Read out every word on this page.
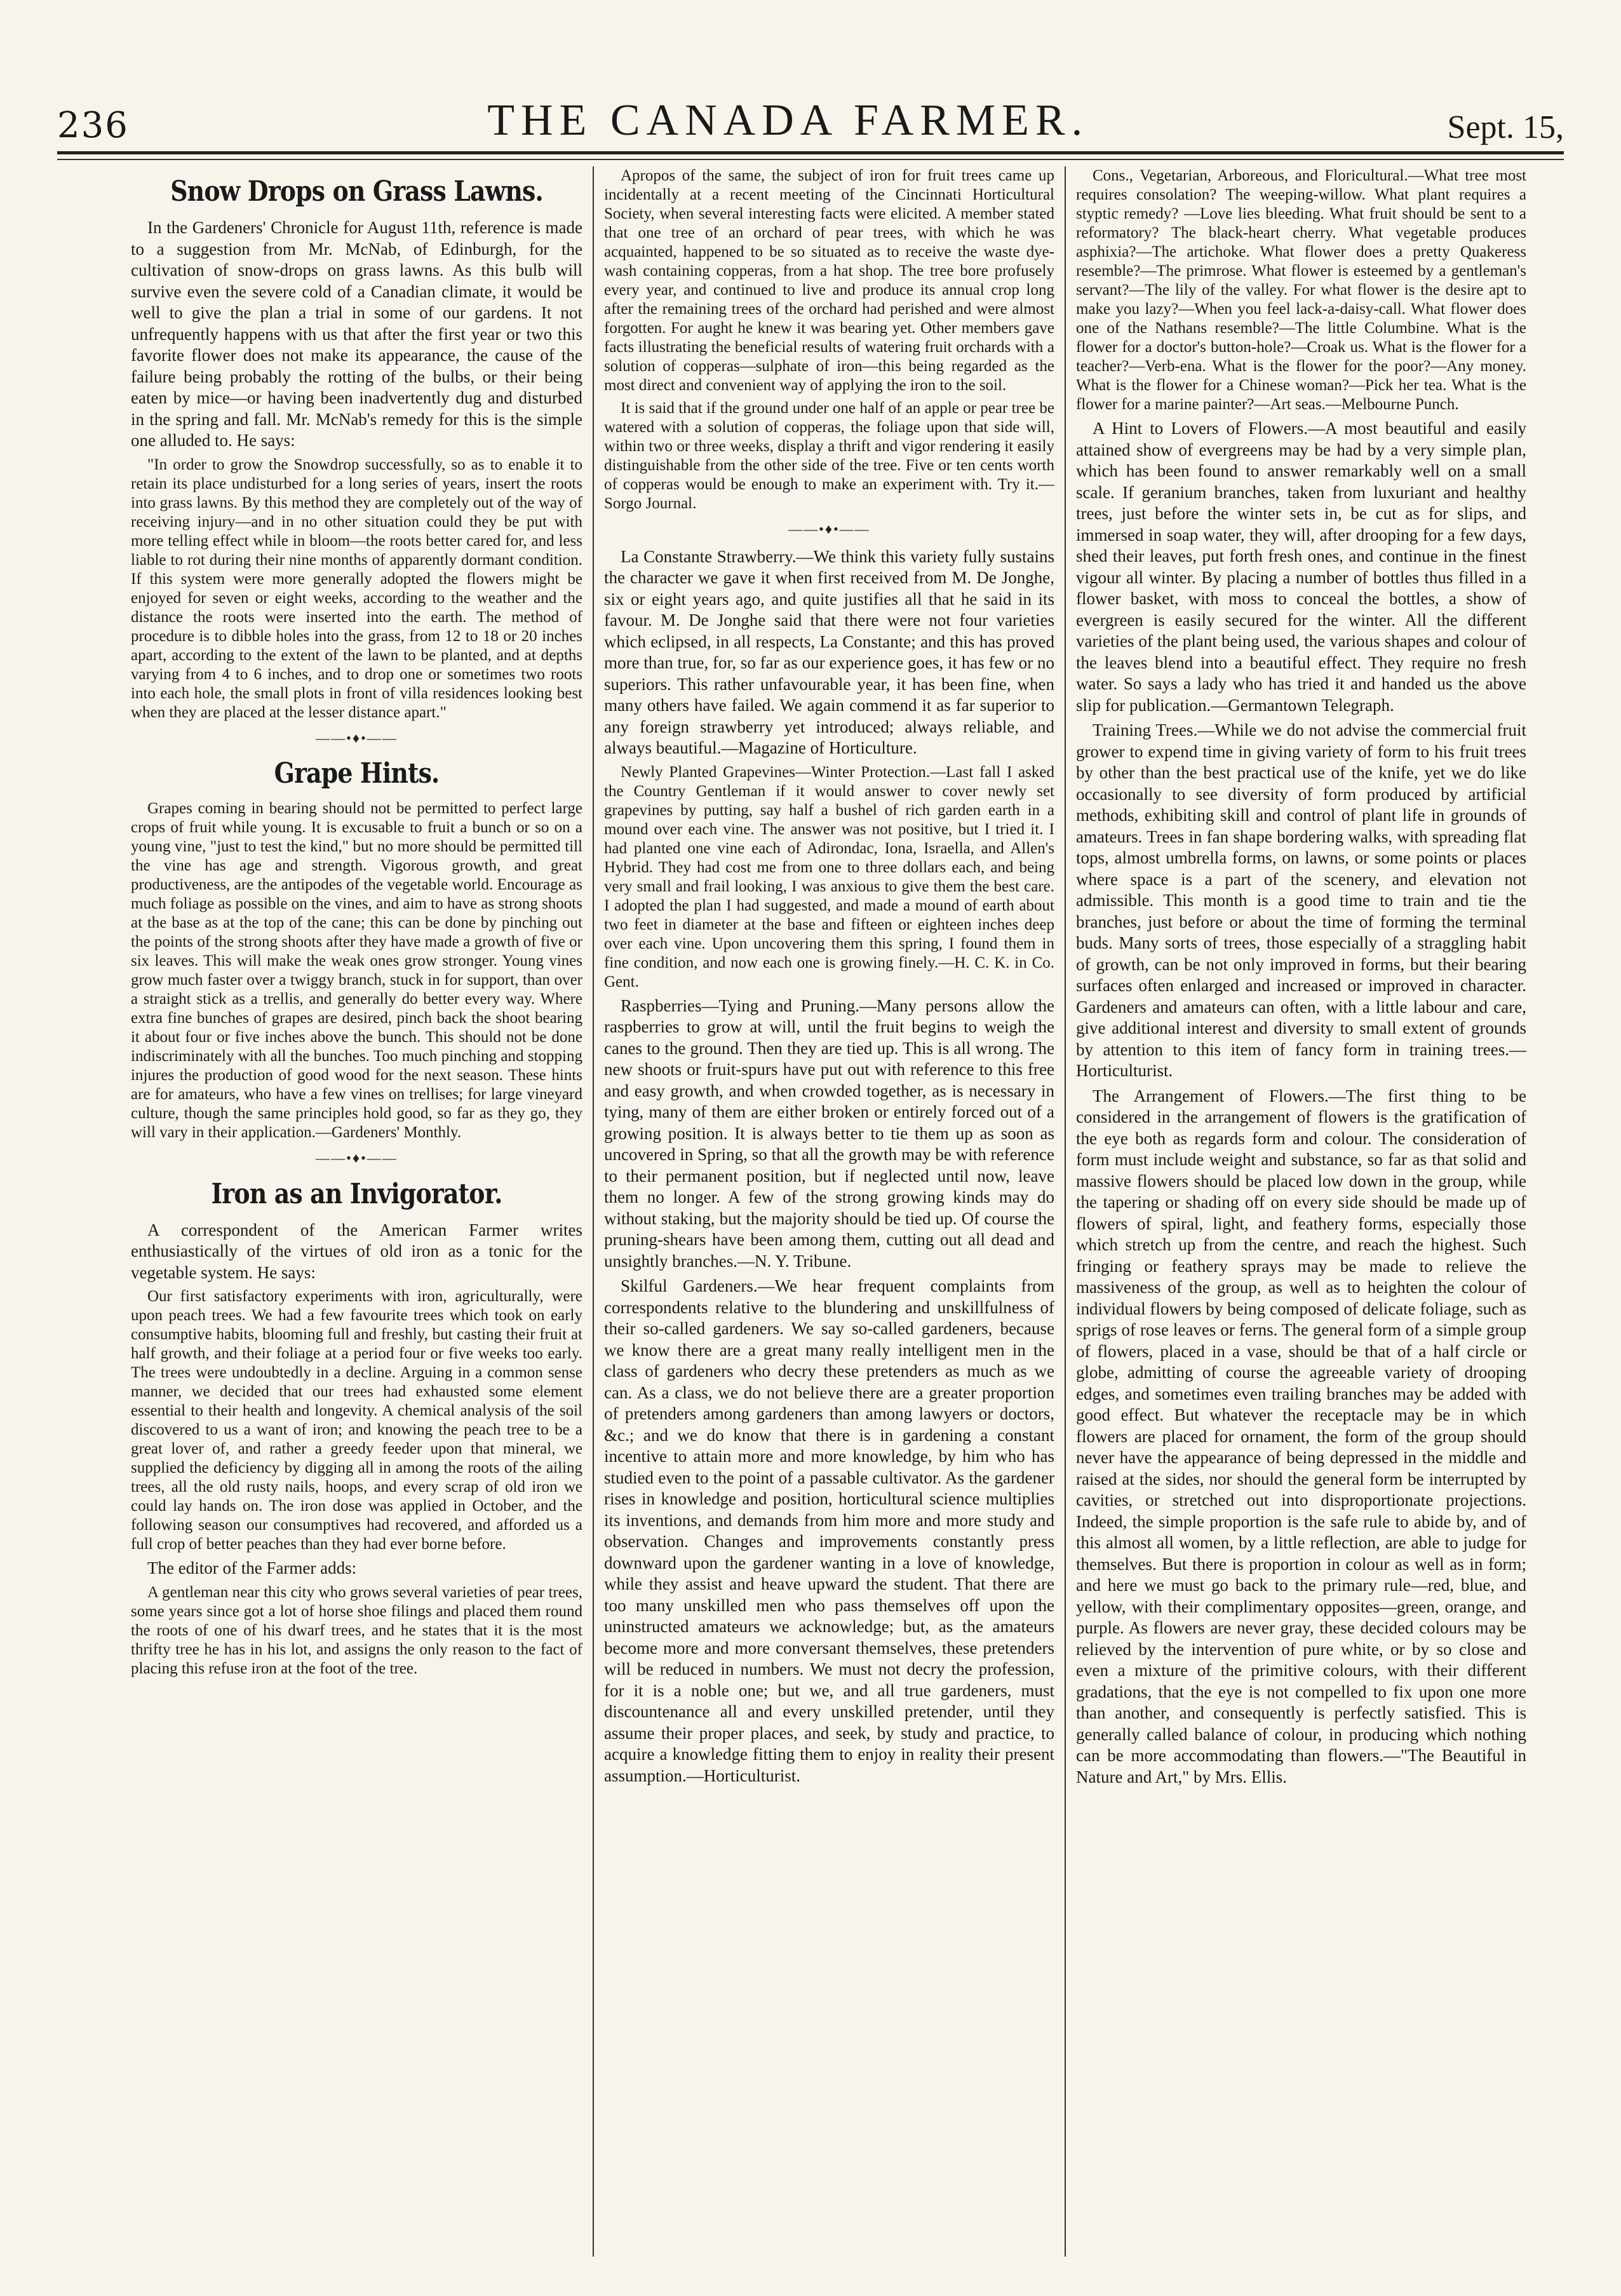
236	THE CANADA FARMER.	Sept. 15,
Snow Drops on Grass Lawns.

In the Gardeners' Chronicle for August 11th, reference is made to a suggestion from Mr. McNab, of Edinburgh, for the cultivation of snow-drops on grass lawns. As this bulb will survive even the severe cold of a Canadian climate, it would be well to give the plan a trial in some of our gardens. It not unfrequently happens with us that after the first year or two this favorite flower does not make its appearance, the cause of the failure being probably the rotting of the bulbs, or their being eaten by mice—or having been inadvertently dug and disturbed in the spring and fall. Mr. McNab's remedy for this is the simple one alluded to. He says:

"In order to grow the Snowdrop successfully, so as to enable it to retain its place undisturbed for a long series of years, insert the roots into grass lawns. By this method they are completely out of the way of receiving injury—and in no other situation could they be put with more telling effect while in bloom—the roots better cared for, and less liable to rot during their nine months of apparently dormant condition. If this system were more generally adopted the flowers might be enjoyed for seven or eight weeks, according to the weather and the distance the roots were inserted into the earth. The method of procedure is to dibble holes into the grass, from 12 to 18 or 20 inches apart, according to the extent of the lawn to be planted, and at depths varying from 4 to 6 inches, and to drop one or sometimes two roots into each hole, the small plots in front of villa residences looking best when they are placed at the lesser distance apart."

——•♦•——
Grape Hints.

Grapes coming in bearing should not be permitted to perfect large crops of fruit while young. It is excusable to fruit a bunch or so on a young vine, "just to test the kind," but no more should be permitted till the vine has age and strength. Vigorous growth, and great productiveness, are the antipodes of the vegetable world. Encourage as much foliage as possible on the vines, and aim to have as strong shoots at the base as at the top of the cane; this can be done by pinching out the points of the strong shoots after they have made a growth of five or six leaves. This will make the weak ones grow stronger. Young vines grow much faster over a twiggy branch, stuck in for support, than over a straight stick as a trellis, and generally do better every way. Where extra fine bunches of grapes are desired, pinch back the shoot bearing it about four or five inches above the bunch. This should not be done indiscriminately with all the bunches. Too much pinching and stopping injures the production of good wood for the next season. These hints are for amateurs, who have a few vines on trellises; for large vineyard culture, though the same principles hold good, so far as they go, they will vary in their application.—Gardeners' Monthly.

——•♦•——
Iron as an Invigorator.

A correspondent of the American Farmer writes enthusiastically of the virtues of old iron as a tonic for the vegetable system. He says:

Our first satisfactory experiments with iron, agriculturally, were upon peach trees. We had a few favourite trees which took on early consumptive habits, blooming full and freshly, but casting their fruit at half growth, and their foliage at a period four or five weeks too early. The trees were undoubtedly in a decline. Arguing in a common sense manner, we decided that our trees had exhausted some element essential to their health and longevity. A chemical analysis of the soil discovered to us a want of iron; and knowing the peach tree to be a great lover of, and rather a greedy feeder upon that mineral, we supplied the deficiency by digging all in among the roots of the ailing trees, all the old rusty nails, hoops, and every scrap of old iron we could lay hands on. The iron dose was applied in October, and the following season our consumptives had recovered, and afforded us a full crop of better peaches than they had ever borne before.

The editor of the Farmer adds:

A gentleman near this city who grows several varieties of pear trees, some years since got a lot of horse shoe filings and placed them round the roots of one of his dwarf trees, and he states that it is the most thrifty tree he has in his lot, and assigns the only reason to the fact of placing this refuse iron at the foot of the tree.

Apropos of the same, the subject of iron for fruit trees came up incidentally at a recent meeting of the Cincinnati Horticultural Society, when several interesting facts were elicited. A member stated that one tree of an orchard of pear trees, with which he was acquainted, happened to be so situated as to receive the waste dye-wash containing copperas, from a hat shop. The tree bore profusely every year, and continued to live and produce its annual crop long after the remaining trees of the orchard had perished and were almost forgotten. For aught he knew it was bearing yet. Other members gave facts illustrating the beneficial results of watering fruit orchards with a solution of copperas—sulphate of iron—this being regarded as the most direct and convenient way of applying the iron to the soil.

It is said that if the ground under one half of an apple or pear tree be watered with a solution of copperas, the foliage upon that side will, within two or three weeks, display a thrift and vigor rendering it easily distinguishable from the other side of the tree. Five or ten cents worth of copperas would be enough to make an experiment with. Try it.—Sorgo Journal.

——•♦•——

La Constante Strawberry.—We think this variety fully sustains the character we gave it when first received from M. De Jonghe, six or eight years ago, and quite justifies all that he said in its favour. M. De Jonghe said that there were not four varieties which eclipsed, in all respects, La Constante; and this has proved more than true, for, so far as our experience goes, it has few or no superiors. This rather unfavourable year, it has been fine, when many others have failed. We again commend it as far superior to any foreign strawberry yet introduced; always reliable, and always beautiful.—Magazine of Horticulture.

Newly Planted Grapevines—Winter Protection.—Last fall I asked the Country Gentleman if it would answer to cover newly set grapevines by putting, say half a bushel of rich garden earth in a mound over each vine. The answer was not positive, but I tried it. I had planted one vine each of Adirondac, Iona, Israella, and Allen's Hybrid. They had cost me from one to three dollars each, and being very small and frail looking, I was anxious to give them the best care. I adopted the plan I had suggested, and made a mound of earth about two feet in diameter at the base and fifteen or eighteen inches deep over each vine. Upon uncovering them this spring, I found them in fine condition, and now each one is growing finely.—H. C. K. in Co. Gent.

Raspberries—Tying and Pruning.—Many persons allow the raspberries to grow at will, until the fruit begins to weigh the canes to the ground. Then they are tied up. This is all wrong. The new shoots or fruit-spurs have put out with reference to this free and easy growth, and when crowded together, as is necessary in tying, many of them are either broken or entirely forced out of a growing position. It is always better to tie them up as soon as uncovered in Spring, so that all the growth may be with reference to their permanent position, but if neglected until now, leave them no longer. A few of the strong growing kinds may do without staking, but the majority should be tied up. Of course the pruning-shears have been among them, cutting out all dead and unsightly branches.—N. Y. Tribune.

Skilful Gardeners.—We hear frequent complaints from correspondents relative to the blundering and unskillfulness of their so-called gardeners. We say so-called gardeners, because we know there are a great many really intelligent men in the class of gardeners who decry these pretenders as much as we can. As a class, we do not believe there are a greater proportion of pretenders among gardeners than among lawyers or doctors, &c.; and we do know that there is in gardening a constant incentive to attain more and more knowledge, by him who has studied even to the point of a passable cultivator. As the gardener rises in knowledge and position, horticultural science multiplies its inventions, and demands from him more and more study and observation. Changes and improvements constantly press downward upon the gardener wanting in a love of knowledge, while they assist and heave upward the student. That there are too many unskilled men who pass themselves off upon the uninstructed amateurs we acknowledge; but, as the amateurs become more and more conversant themselves, these pretenders will be reduced in numbers. We must not decry the profession, for it is a noble one; but we, and all true gardeners, must discountenance all and every unskilled pretender, until they assume their proper places, and seek, by study and practice, to acquire a knowledge fitting them to enjoy in reality their present assumption.—Horticulturist.

Cons., Vegetarian, Arboreous, and Floricultural.—What tree most requires consolation? The weeping-willow. What plant requires a styptic remedy? —Love lies bleeding. What fruit should be sent to a reformatory? The black-heart cherry. What vegetable produces asphixia?—The artichoke. What flower does a pretty Quakeress resemble?—The primrose. What flower is esteemed by a gentleman's servant?—The lily of the valley. For what flower is the desire apt to make you lazy?—When you feel lack-a-daisy-call. What flower does one of the Nathans resemble?—The little Columbine. What is the flower for a doctor's button-hole?—Croak us. What is the flower for a teacher?—Verb-ena. What is the flower for the poor?—Any money. What is the flower for a Chinese woman?—Pick her tea. What is the flower for a marine painter?—Art seas.—Melbourne Punch.

A Hint to Lovers of Flowers.—A most beautiful and easily attained show of evergreens may be had by a very simple plan, which has been found to answer remarkably well on a small scale. If geranium branches, taken from luxuriant and healthy trees, just before the winter sets in, be cut as for slips, and immersed in soap water, they will, after drooping for a few days, shed their leaves, put forth fresh ones, and continue in the finest vigour all winter. By placing a number of bottles thus filled in a flower basket, with moss to conceal the bottles, a show of evergreen is easily secured for the winter. All the different varieties of the plant being used, the various shapes and colour of the leaves blend into a beautiful effect. They require no fresh water. So says a lady who has tried it and handed us the above slip for publication.—Germantown Telegraph.

Training Trees.—While we do not advise the commercial fruit grower to expend time in giving variety of form to his fruit trees by other than the best practical use of the knife, yet we do like occasionally to see diversity of form produced by artificial methods, exhibiting skill and control of plant life in grounds of amateurs. Trees in fan shape bordering walks, with spreading flat tops, almost umbrella forms, on lawns, or some points or places where space is a part of the scenery, and elevation not admissible. This month is a good time to train and tie the branches, just before or about the time of forming the terminal buds. Many sorts of trees, those especially of a straggling habit of growth, can be not only improved in forms, but their bearing surfaces often enlarged and increased or improved in character. Gardeners and amateurs can often, with a little labour and care, give additional interest and diversity to small extent of grounds by attention to this item of fancy form in training trees.—Horticulturist.

The Arrangement of Flowers.—The first thing to be considered in the arrangement of flowers is the gratification of the eye both as regards form and colour. The consideration of form must include weight and substance, so far as that solid and massive flowers should be placed low down in the group, while the tapering or shading off on every side should be made up of flowers of spiral, light, and feathery forms, especially those which stretch up from the centre, and reach the highest. Such fringing or feathery sprays may be made to relieve the massiveness of the group, as well as to heighten the colour of individual flowers by being composed of delicate foliage, such as sprigs of rose leaves or ferns. The general form of a simple group of flowers, placed in a vase, should be that of a half circle or globe, admitting of course the agreeable variety of drooping edges, and sometimes even trailing branches may be added with good effect. But whatever the receptacle may be in which flowers are placed for ornament, the form of the group should never have the appearance of being depressed in the middle and raised at the sides, nor should the general form be interrupted by cavities, or stretched out into disproportionate projections. Indeed, the simple proportion is the safe rule to abide by, and of this almost all women, by a little reflection, are able to judge for themselves. But there is proportion in colour as well as in form; and here we must go back to the primary rule—red, blue, and yellow, with their complimentary opposites—green, orange, and purple. As flowers are never gray, these decided colours may be relieved by the intervention of pure white, or by so close and even a mixture of the primitive colours, with their different gradations, that the eye is not compelled to fix upon one more than another, and consequently is perfectly satisfied. This is generally called balance of colour, in producing which nothing can be more accommodating than flowers.—"The Beautiful in Nature and Art," by Mrs. Ellis.
